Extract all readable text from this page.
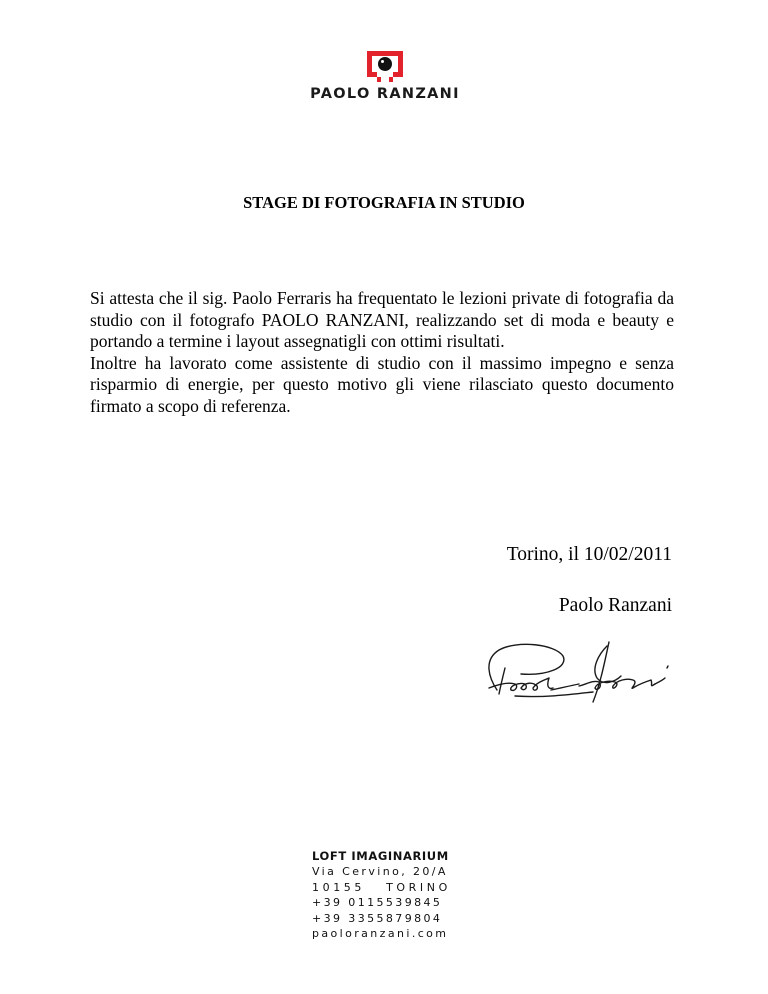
PAOLO RANZANI
STAGE DI FOTOGRAFIA IN STUDIO

Si attesta che il sig. Paolo Ferraris ha frequentato le lezioni private di fotografia da studio con il fotografo PAOLO RANZANI, realizzando set di moda e beauty e portando a termine i layout assegnatigli con ottimi risultati.

Inoltre ha lavorato come assistente di studio con il massimo impegno e senza risparmio di energie, per questo motivo gli viene rilasciato questo documento firmato a scopo di referenza.

Torino, il 10/02/2011

Paolo Ranzani

LOFT IMAGINARIUM

Via Cervino, 20/A

10155 TORINO

+39 0115539845

+39 3355879804

paoloranzani.com
